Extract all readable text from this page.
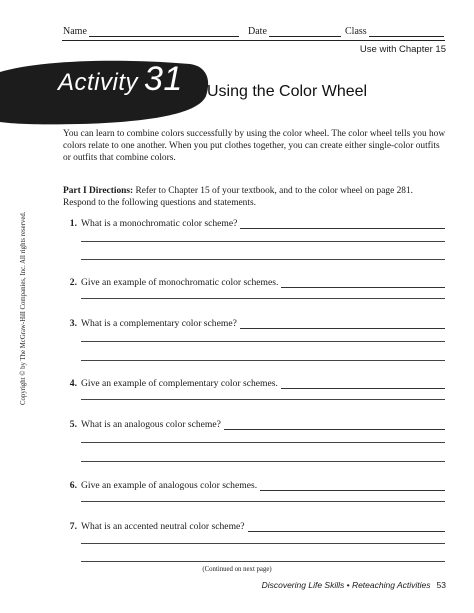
Name	Date	Class
Use with Chapter 15
Activity 31 Using the Color Wheel
You can learn to combine colors successfully by using the color wheel. The color wheel tells you how colors relate to one another. When you put clothes together, you can create either single-color outfits or outfits that combine colors.
Part I Directions: Refer to Chapter 15 of your textbook, and to the color wheel on page 281. Respond to the following questions and statements.
1. What is a monochromatic color scheme?
2. Give an example of monochromatic color schemes.
3. What is a complementary color scheme?
4. Give an example of complementary color schemes.
5. What is an analogous color scheme?
6. Give an example of analogous color schemes.
7. What is an accented neutral color scheme?
Copyright © by The McGraw-Hill Companies, Inc. All rights reserved.
(Continued on next page)
Discovering Life Skills • Reteaching Activities 53
